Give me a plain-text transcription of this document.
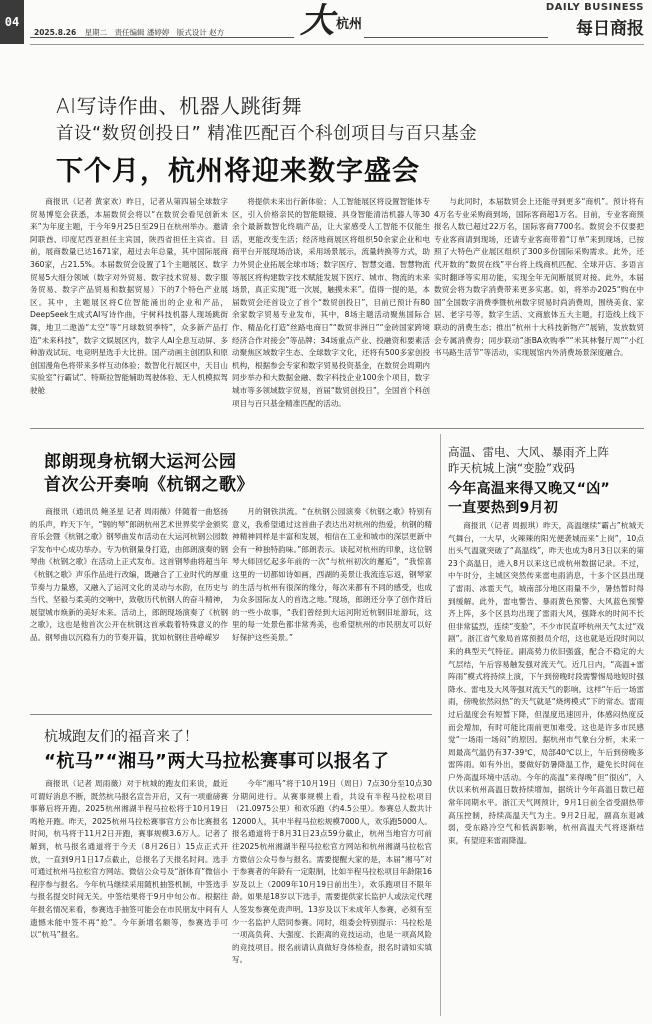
04
2025.8.26 星期二 责任编辑 潘婷婷 版式设计 赵方 大 杭州
DAILY BUSINESS
每日商报
AI写诗作曲、机器人跳街舞
首设“数贸创投日” 精准匹配百个科创项目与百只基金
下个月，杭州将迎来数字盛会
商报讯（记者 黄家欢）昨日，记者从第四届全球数字贸易博览会获悉，本届数贸会将以“在数贸会看见创新未来”为年度主题，于今年9月25日至29日在杭州举办。邀请阿联酋、印度尼西亚担任主宾国，陕西省担任主宾省。目前，展商数量已达1671家，超过去年总量，其中国际展商360家，占21.5%。本届数贸会设置了1个主题展区、数字贸易5大细分领域（数字对外贸易、数字技术贸易、数字服务贸易、数字产品贸易和数据贸易）下的7个特色产业展区。其中，主题展区将C位智能涌出的企业和产品，DeepSeek生成式AI写诗作曲，宇树科技机器人现场跳街舞，地卫二遨游“太空”等“月球数贸季特”，众多新产品打造“未来科技”，数字文娱展区内，数字人AI全息互动屏、多种游戏试玩、电竞明星选手大比拼。国产动画主创团队和原创国漫角色将带来多样互动体验；数智化行展区中，天目山实验室“行霸试”、特斯拉智能辅助驾驶体验、无人机模拟驾驶舱
将提供未来出行新体验；人工智能展区将设置智能体专区，引入价格亲民的智能眼镜、具身智能清洁机器人等30余个最新数智化终端产品，让大家感受人工智能不仅能生活，更能改变生活；经济地商展区将组织50余家企业和电商平台开展现场洽谈，采用场景展示，流量转换等方式，助力外贸企业拓展全球市场；数字医疗、智慧交通、智慧物流等展区将构建数字技术赋能发展下医疗、城市、物流的未来场景，真正实现“逛一次展，触摸未来”。值得一提的是，本届数贸会还首设立了首个“数贸创投日”，目前已预计有80余家数字贸易专业发布，其中，8场主题活动聚焦国际合作、精品化打造“丝路电商日”“数贸非洲日”“金砖国家跨境经济合作对接会”等品牌；34场重点产业、投融资和要素活动聚焦区域数字生态、全球数字文化，还将有500多家创投机构，根据参会专家和数字贸易投资基金，在数贸会周期内同步举办和大数据金融、数字科技企业100余个项目，数字城市等多领域数字贸易，首届“数贸创投日”，全国首个科创项目与百只基金精准匹配的活动。
与此同时，本届数贸会上还能寻到更多“商机”。预计将有4万名专业采购商到场，国际客商超1万名。目前，专业客商预报名人数已超过22万名，国际客商7700名。数贸会不仅要把专业客商请到现场，还请专业客商带着“订单”来到现场，已按照了大特色产业展区组织了300多份国际采购需求。此外，还代开数的“数贸在线”平台将上线商机匹配、全球开店、多语言实时翻译等实用功能，实现全年无间断展贸对接。此外，本届数贸会将为数字消费带来更多实惠。如，将举办2025“购在中国”全国数字消费季暨杭州数字贸易时尚消费周，围绕美食、家居、老字号等，数字生活、文商旅体五大主题，打造线上线下联动的消费生态；推出“杭州十大科技新物产”展销，发放数贸会专属消费券；同步联动“浙BA欢购季”“米其林餐厅周”“小红书马路生活节”等活动，实现展馆内外消费场景深度融合。
郎朗现身杭钢大运河公园
首次公开奏响《杭钢之歌》
商报讯（通讯员 鲍圣星 记者 周雨薇）伴随着一曲悠扬的乐声，昨天下午，“钢的琴”郎朗杭州艺术世界奖学金颁奖音乐会暨《杭钢之歌》钢琴曲发布活动在大运河杭钢公园数字发布中心成功举办。专为杭钢量身打造，由郎朗演奏的钢琴曲《杭钢之歌》在活动上正式发布。这首钢琴曲将超当年《杭钢之歌》声乐作品进行改编，既融合了工业时代的厚重节奏与力量感，又融入了运河文化的灵动与水韵，在历史与当代、坚毅与柔美的交响中，致敬历代杭钢人的奋斗精神，展望城市焕新的美好未来。活动上，郎朗现场演奏了《杭钢之歌》，这也是他首次公开在杭钢这首承载着特殊意义的作品。钢琴曲以沉稳有力的节奏开篇，犹如杭钢往昔峥嵘岁
月的钢铁洪流。“在杭钢公园演奏《杭钢之歌》特别有意义，我希望通过这首曲子表达出对杭州的热爱，杭钢的精神精神同样是丰富和发展，相信在工业和城市的深层更新中会有一种独特韵味。”郎朗表示。谈起对杭州的印象，这位钢琴大师回忆起多年前的一次“与杭州初次的邂逅”，“我惊喜这里的一切都如诗如画，西湖的美景让我流连忘返，钢琴家的生活与杭州有很深的缘分，每次来都有不同的感受，也成为众多国际友人的首选之地。”现场，郎朗还分享了创作背后的一些小故事，“我们曾经到大运河附近杭钢旧址游玩，这里的每一处景色都非常秀美，也希望杭州的市民朋友可以好好保护这些美景。”
杭城跑友们的福音来了！
“杭马”“湘马”两大马拉松赛事可以报名了
商报讯（记者 周雨薇）对于杭城的跑友们来说，最近可谓好消息不断，既然杭马报名宣告开启，又有一项重磅赛事幕后将开跑。2025杭州湘湖半程马拉松将于10月19日鸣枪开跑。昨天，2025杭州马拉松赛事官方公布比赛报名时间，杭马将于11月2日开跑，赛事规模3.6万人。记者了解到，杭马报名通道将于今天（8月26日）15点正式开放，一直到9月1日17点截止，总报名了天报名时间。选手可通过杭州马拉松官方网站、微信公众号及“浙体育”微信小程序参与报名。今年杭马继续采用随机抽签机制，中签选手与报名提交时间无关。中签结果将于9月中旬公布。根据往年报名情况来看，参赛选手抽签可能会在市民朋友中间有人遗憾未能中签不再“抢”。今年新增名额等，参赛选手可以“杭马”报名。
今年“湘马”将于10月19日（周日）7点30分至10点30分期间进行。从赛事规模上看，共设有半程马拉松项目（21.0975公里）和欢乐跑（约4.5公里）。参赛总人数共计12000人，其中半程马拉松规模7000人，欢乐跑5000人。报名通道将于8月31日23点59分截止，杭州当地官方可前往2025杭州湘湖半程马拉松官方网站和杭州湘湖马拉松官方微信公众号参与报名。需要提醒大家的是，本届“湘马”对于参赛者的年龄有一定限制，比如半程马拉松项目年龄限16岁及以上（2009年10月19日前出生），欢乐跑项目不限年龄。如果是18岁以下选手，需要提供家长监护人或法定代理人签发参赛免责声明。13岁及以下未成年人参赛，必须有至少一名监护人陪同参赛。同时，组委会特别提示：马拉松是一项高负荷、大强度、长距离的竞技运动，也是一项高风险的竞技项目。报名前请认真做好身体检查，报名时请如实填写。
高温、雷电、大风、暴雨齐上阵
昨天杭城上演“变脸”戏码
今年高温来得又晚又“凶”
一直要热到9月初
商报讯（记者 周振琪）昨天，高温继续“霸占”杭城天气舞台，一大早，火辣辣的阳光便袭城而来“上岗”，10点出头气温就突破了“高温线”，昨天也成为8月3日以来的第23个高温日，进入8月以来这已成杭州数据记录。不过，中午时分，主城区突然传来雷电雨消息，十多个区县出现了雷雨、冰雹天气，城南部分地区雨量不少，暑热暂时得到缓解。此外，雷电警告、暴雨黄色预警、大风蓝色预警齐上阵，多个区县均出现了雷雨大风，强降水的时间不长但非常猛烈，连续“变脸”，不少市民直呼杭州天气太过“戏剧”。浙江省气象局首席预报员介绍，这也就是近段时间以来的典型天气特征。副高势力依旧强盛，配合不稳定的大气层结，午后容易触发强对流天气。近几日内，“高温+雷阵雨”模式将持续上演，下午到傍晚时段需警惕局地短时强降水、雷电及大风等强对流天气的影响。这样“午后一场雷雨，傍晚依然闷热”的天气就是“烧烤模式”下的常态。雷雨过后温度会有短暂下降，但湿度迅速回升，体感闷热度反而会增加，有时可能比雨前更加难受。这也是许多市民感觉“一场雨一场闷”的原因。据杭州市气象台分析，未来一周最高气温仍有37-39℃，局部40℃以上，午后到傍晚多雷阵雨。如有外出，要做好防暑降温工作，避免长时间在户外高温环境中活动。今年的高温“来得晚”但“很凶”，入伏以来杭州高温日数持续增加，据统计今年高温日数已超常年同期水平。浙江天气网预计，9月1日前全省受副热带高压控制，持续高温天气为主。9月2日起，副高东退减弱，受东路冷空气和低涡影响，杭州高温天气将逐渐结束，有望迎来雷雨降温。
